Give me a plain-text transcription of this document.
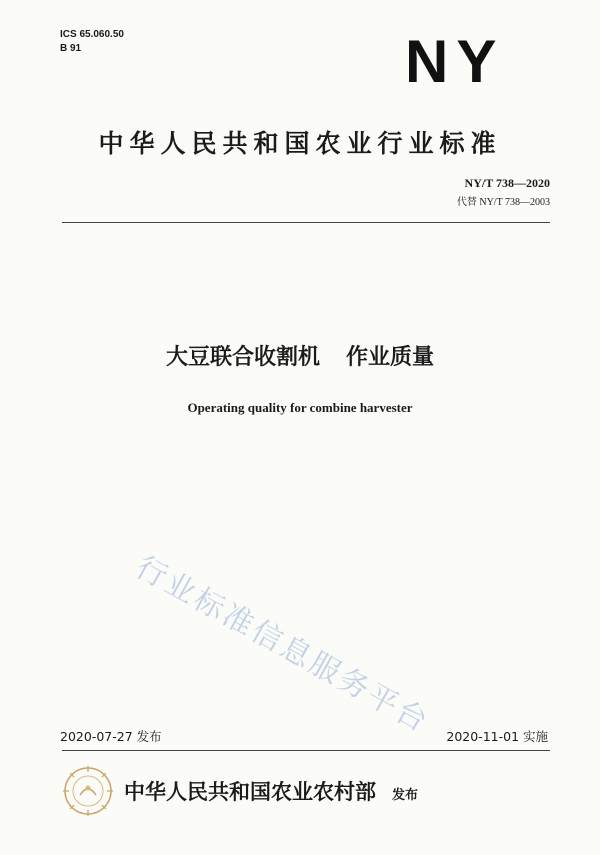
ICS 65.060.50
B 91	NY
中华人民共和国农业行业标准
NY/T 738—2020
代替 NY/T 738—2003
大豆联合收割机 作业质量
Operating quality for combine harvester
行业标准信息服务平台
2020-07-27 发布	2020-11-01 实施
中华人民共和国农业农村部 发布
